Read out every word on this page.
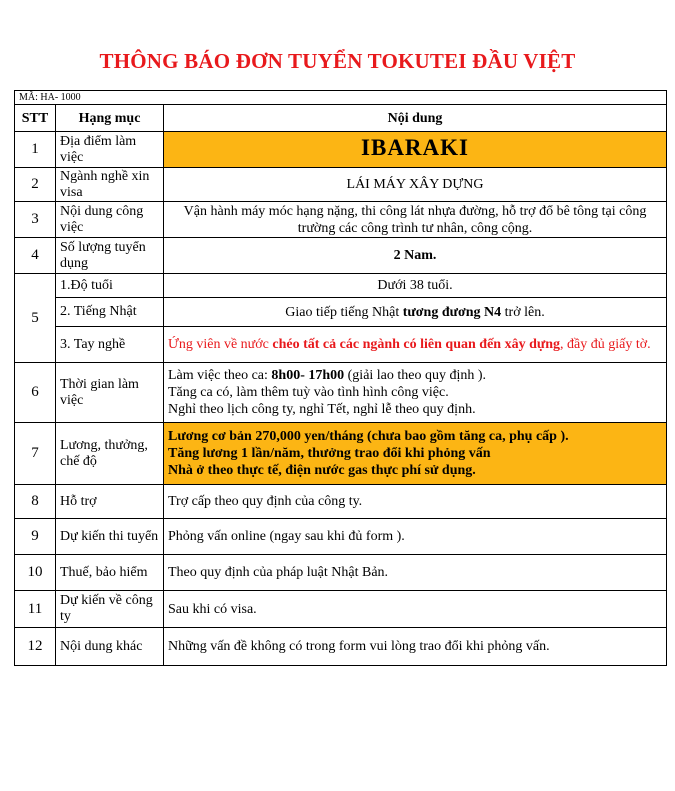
THÔNG BÁO ĐƠN TUYỂN TOKUTEI ĐẦU VIỆT
MÃ: HA- 1000		
STT	Hạng mục	Nội dung
1	Địa điểm làm việc	IBARAKI
2	Ngành nghề xin visa	LÁI MÁY XÂY DỰNG
3	Nội dung công việc	Vận hành máy móc hạng nặng, thi công lát nhựa đường, hỗ trợ đổ bê tông tại công trường các công trình tư nhân, công cộng.
4	Số lượng tuyển dụng	2 Nam.
5	1.Độ tuổi	Dưới 38 tuổi.
	2. Tiếng Nhật	Giao tiếp tiếng Nhật tương đương N4 trở lên.
	3. Tay nghề	Ứng viên về nước chéo tất cả các ngành có liên quan đến xây dựng, đầy đủ giấy tờ.
6	Thời gian làm việc	Làm việc theo ca: 8h00- 17h00 (giải lao theo quy định ).
Tăng ca có, làm thêm tuỳ vào tình hình công việc.
Nghỉ theo lịch công ty, nghỉ Tết, nghỉ lễ theo quy định.

7	Lương, thưởng, chế độ	Lương cơ bản 270,000 yen/tháng (chưa bao gồm tăng ca, phụ cấp ).
Tăng lương 1 lần/năm, thưởng trao đổi khi phỏng vấn
Nhà ở theo thực tế, điện nước gas thực phí sử dụng.

8	Hỗ trợ	Trợ cấp theo quy định của công ty.
9	Dự kiến thi tuyển	Phỏng vấn online (ngay sau khi đủ form ).
10	Thuế, bảo hiểm	Theo quy định của pháp luật Nhật Bản.
11	Dự kiến về công ty	Sau khi có visa.
12	Nội dung khác	Những vấn đề không có trong form vui lòng trao đổi khi phỏng vấn.
